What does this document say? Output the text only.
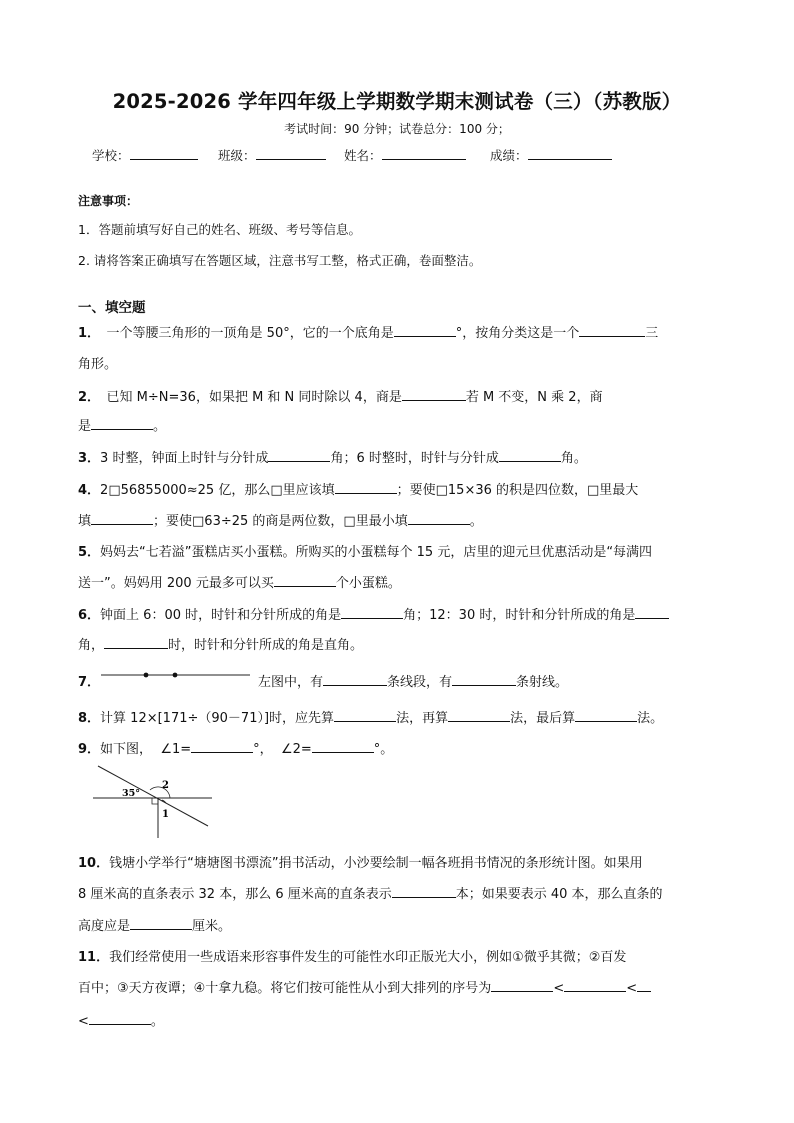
2025-2026 学年四年级上学期数学期末测试卷（三）（苏教版）
考试时间：90 分钟；试卷总分：100 分；
学校：	班级：	姓名：	成绩：
注意事项：
1．答题前填写好自己的姓名、班级、考号等信息。
2. 请将答案正确填写在答题区域，注意书写工整，格式正确，卷面整洁。
一、填空题
1．　一个等腰三角形的一顶角是 50°，它的一个底角是	°，按角分类这是一个	三
角形。
2．　已知 M÷N=36，如果把 M 和 N 同时除以 4，商是	若 M 不变，N 乘 2，商
是	。
3．3 时整，钟面上时针与分针成	角；6 时整时，时针与分针成	角。
4．2□56855000≈25 亿，那么□里应该填	；要使□15×36 的积是四位数，□里最大
填	；要使□63÷25 的商是两位数，□里最小填	。
5．妈妈去“七若溢”蛋糕店买小蛋糕。所购买的小蛋糕每个 15 元，店里的迎元旦优惠活动是“每满四
送一”。妈妈用 200 元最多可以买	个小蛋糕。
6．钟面上 6：00 时，时针和分针所成的角是	角；12：30 时，时针和分针所成的角是
角，	时，时针和分针所成的角是直角。
7．	左图中，有	条线段，有	条射线。
8．计算 12×[171÷（90－71）]时，应先算	法，再算	法，最后算	法。
9．如下图， ∠1=	°， ∠2=	°。
35°
2
1
10．钱塘小学举行“塘塘图书漂流”捐书活动，小沙要绘制一幅各班捐书情况的条形统计图。如果用
8 厘米高的直条表示 32 本，那么 6 厘米高的直条表示	本；如果要表示 40 本，那么直条的
高度应是	厘米。
11．我们经常使用一些成语来形容事件发生的可能性水印正版光大小，例如①微乎其微；②百发
百中；③天方夜谭；④十拿九稳。将它们按可能性从小到大排列的序号为	<	<
<	。
